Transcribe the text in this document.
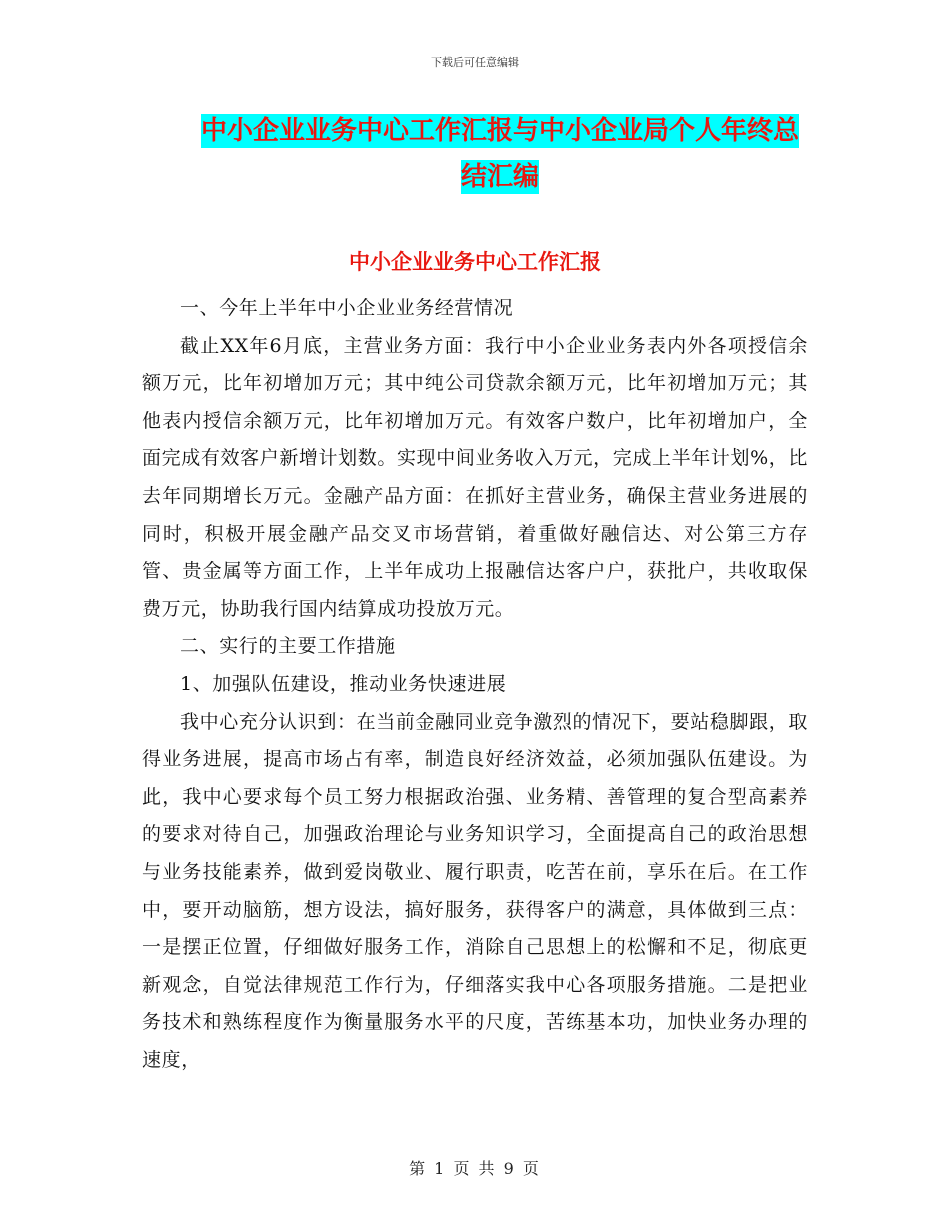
下载后可任意编辑
中小企业业务中心工作汇报与中小企业局个人年终总
结汇编
中小企业业务中心工作汇报

一、今年上半年中小企业业务经营情况

截止XX年6月底，主营业务方面：我行中小企业业务表内外各项授信余额万元，比年初增加万元；其中纯公司贷款余额万元，比年初增加万元；其他表内授信余额万元，比年初增加万元。有效客户数户，比年初增加户，全面完成有效客户新增计划数。实现中间业务收入万元，完成上半年计划%，比去年同期增长万元。金融产品方面：在抓好主营业务，确保主营业务进展的同时，积极开展金融产品交叉市场营销，着重做好融信达、对公第三方存管、贵金属等方面工作，上半年成功上报融信达客户户，获批户，共收取保费万元，协助我行国内结算成功投放万元。

二、实行的主要工作措施

1、加强队伍建设，推动业务快速进展

我中心充分认识到：在当前金融同业竞争激烈的情况下，要站稳脚跟，取得业务进展，提高市场占有率，制造良好经济效益，必须加强队伍建设。为此，我中心要求每个员工努力根据政治强、业务精、善管理的复合型高素养的要求对待自己，加强政治理论与业务知识学习，全面提高自己的政治思想与业务技能素养，做到爱岗敬业、履行职责，吃苦在前，享乐在后。在工作中，要开动脑筋，想方设法，搞好服务，获得客户的满意，具体做到三点：一是摆正位置，仔细做好服务工作，消除自己思想上的松懈和不足，彻底更新观念，自觉法律规范工作行为，仔细落实我中心各项服务措施。二是把业务技术和熟练程度作为衡量服务水平的尺度，苦练基本功，加快业务办理的速度，

第 1 页 共 9 页
